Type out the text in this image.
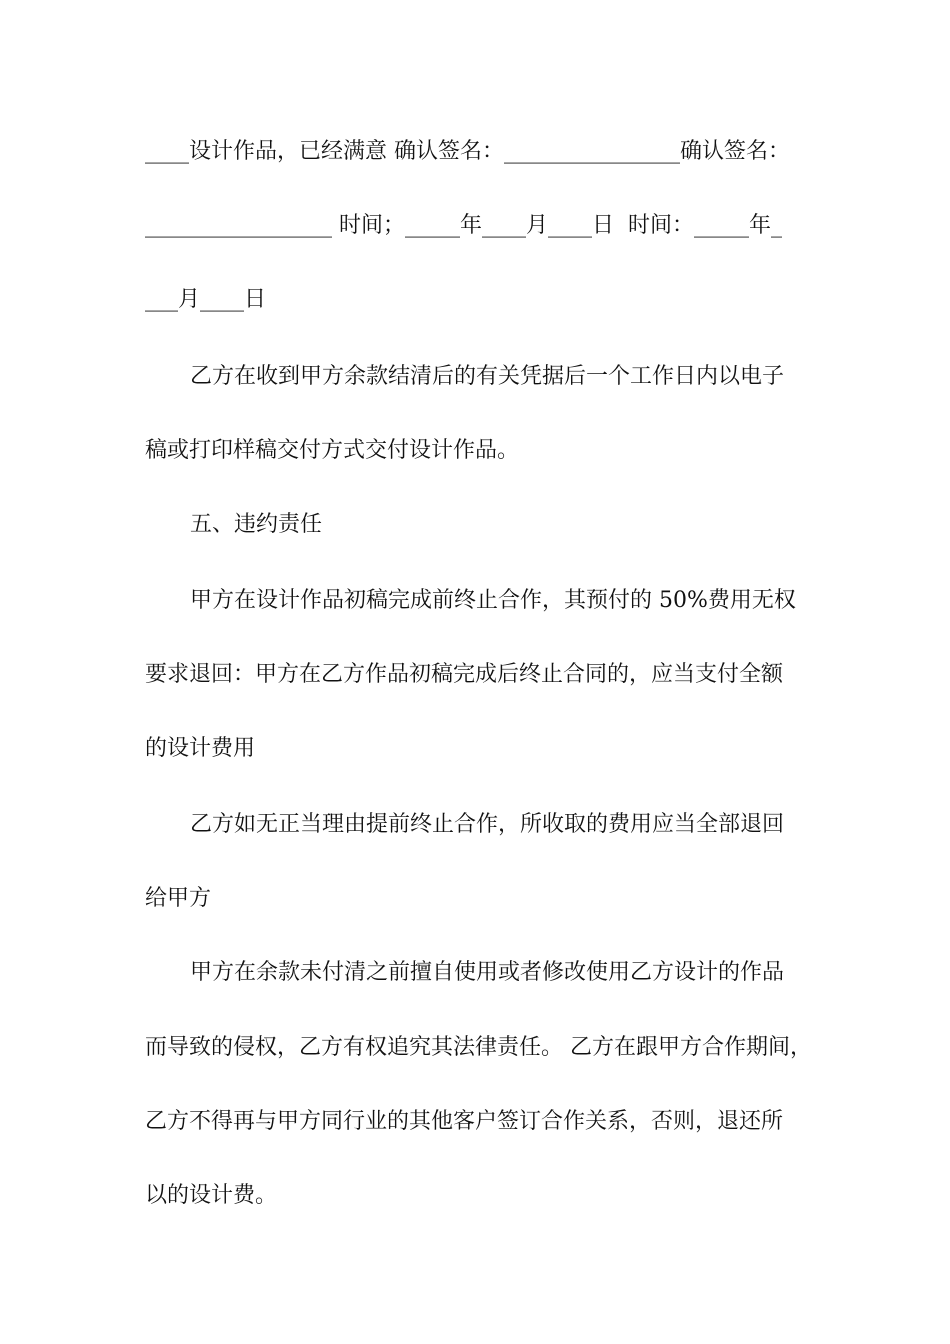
____设计作品，已经满意 确认签名：________________确认签名：
_________________ 时间；_____年____月____日  时间：_____年_
___月____日
乙方在收到甲方余款结清后的有关凭据后一个工作日内以电子
稿或打印样稿交付方式交付设计作品。
五、违约责任
甲方在设计作品初稿完成前终止合作，其预付的 50%费用无权
要求退回：甲方在乙方作品初稿完成后终止合同的，应当支付全额
的设计费用
乙方如无正当理由提前终止合作，所收取的费用应当全部退回
给甲方
甲方在余款未付清之前擅自使用或者修改使用乙方设计的作品
而导致的侵权，乙方有权追究其法律责任。 乙方在跟甲方合作期间，
乙方不得再与甲方同行业的其他客户签订合作关系，否则，退还所
以的设计费。
